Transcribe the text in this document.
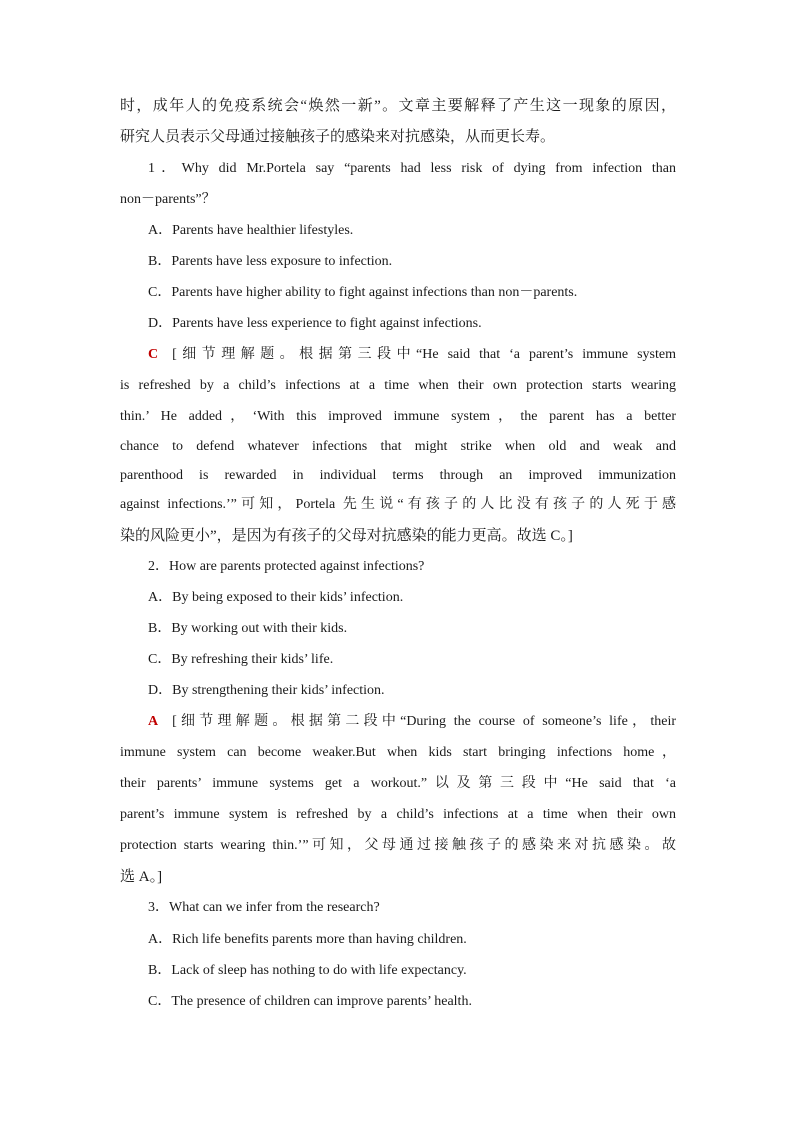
时，成年人的免疫系统会“焕然一新”。文章主要解释了产生这一现象的原因，
研究人员表示父母通过接触孩子的感染来对抗感染，从而更长寿。
1．Why did Mr.Portela say “parents had less risk of dying from infection than
non－parents”？
A．Parents have healthier lifestyles.
B．Parents have less exposure to infection.
C．Parents have higher ability to fight against infections than non－parents.
D．Parents have less experience to fight against infections.
C [细节理解题。根据第三段中“He said that ‘a parent’s immune system
is refreshed by a child’s infections at a time when their own protection starts wearing
thin.’ He added，‘With this improved immune system，the parent has a better
chance to defend whatever infections that might strike when old and weak and
parenthood is rewarded in individual terms through an improved immunization
against infections.’”可知，Portela 先生说“有孩子的人比没有孩子的人死于感
染的风险更小”，是因为有孩子的父母对抗感染的能力更高。故选 C。]
2．How are parents protected against infections?
A．By being exposed to their kids’ infection.
B．By working out with their kids.
C．By refreshing their kids’ life.
D．By strengthening their kids’ infection.
A [细节理解题。根据第二段中“During the course of someone’s life，their
immune system can become weaker.But when kids start bringing infections home，
their parents’ immune systems get a workout.”以及第三段中“He said that ‘a
parent’s immune system is refreshed by a child’s infections at a time when their own
protection starts wearing thin.’”可知，父母通过接触孩子的感染来对抗感染。故
选 A。]
3．What can we infer from the research?
A．Rich life benefits parents more than having children.
B．Lack of sleep has nothing to do with life expectancy.
C．The presence of children can improve parents’ health.
